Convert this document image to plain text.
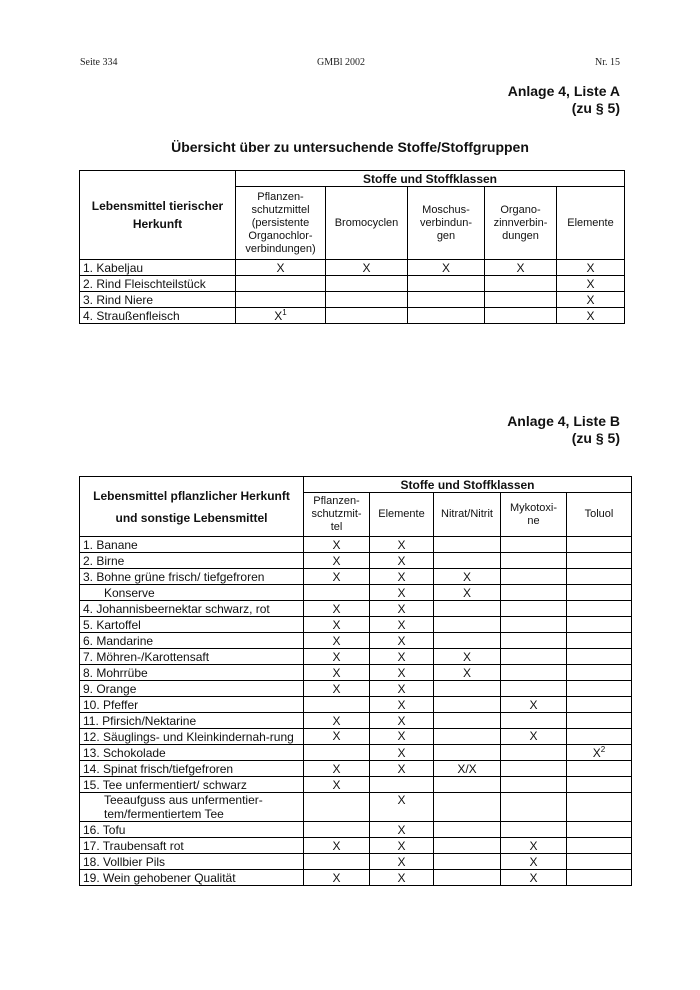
Seite 334	GMBl 2002	Nr. 15
Anlage 4, Liste A
(zu § 5)
Übersicht über zu untersuchende Stoffe/Stoffgruppen
Lebensmittel tierischer Herkunft	Stoffe und Stoffklassen				
	Pflanzen-schutzmittel (persistente Organochlor-verbindungen)	Bromocyclen	Moschus-verbindun-gen	Organo-zinnverbin-dungen	Elemente
1. Kabeljau	X	X	X	X	X
2. Rind Fleischteilstück					X
3. Rind Niere					X
4. Straußenfleisch	$X^1$				X
Anlage 4, Liste B
(zu § 5)
Lebensmittel pflanzlicher Herkunft
und sonstige Lebensmittel	Stoffe und Stoffklassen				
	Pflanzen-schutzmit-tel	Elemente	Nitrat/Nitrit	Mykotoxi-ne	Toluol
1. Banane	X	X			
2. Birne	X	X			
3. Bohne grüne frisch/ tiefgefroren	X	X	X		
Konserve		X	X		
4. Johannisbeernektar schwarz, rot	X	X			
5. Kartoffel	X	X			
6. Mandarine	X	X			
7. Möhren-/Karottensaft	X	X	X		
8. Mohrrübe	X	X	X		
9. Orange	X	X			
10. Pfeffer		X		X	
11. Pfirsich/Nektarine	X	X			
12. Säuglings- und Kleinkindernah-rung	X	X		X	
13. Schokolade		X			$X^2$
14. Spinat frisch/tiefgefroren	X	X	X/X		
15. Tee unfermentiert/ schwarz	X				
Teeaufguss aus unfermentier-tem/fermentiertem Tee		X			
16. Tofu		X			
17. Traubensaft rot	X	X		X	
18. Vollbier Pils		X		X	
19. Wein gehobener Qualität	X	X		X	
